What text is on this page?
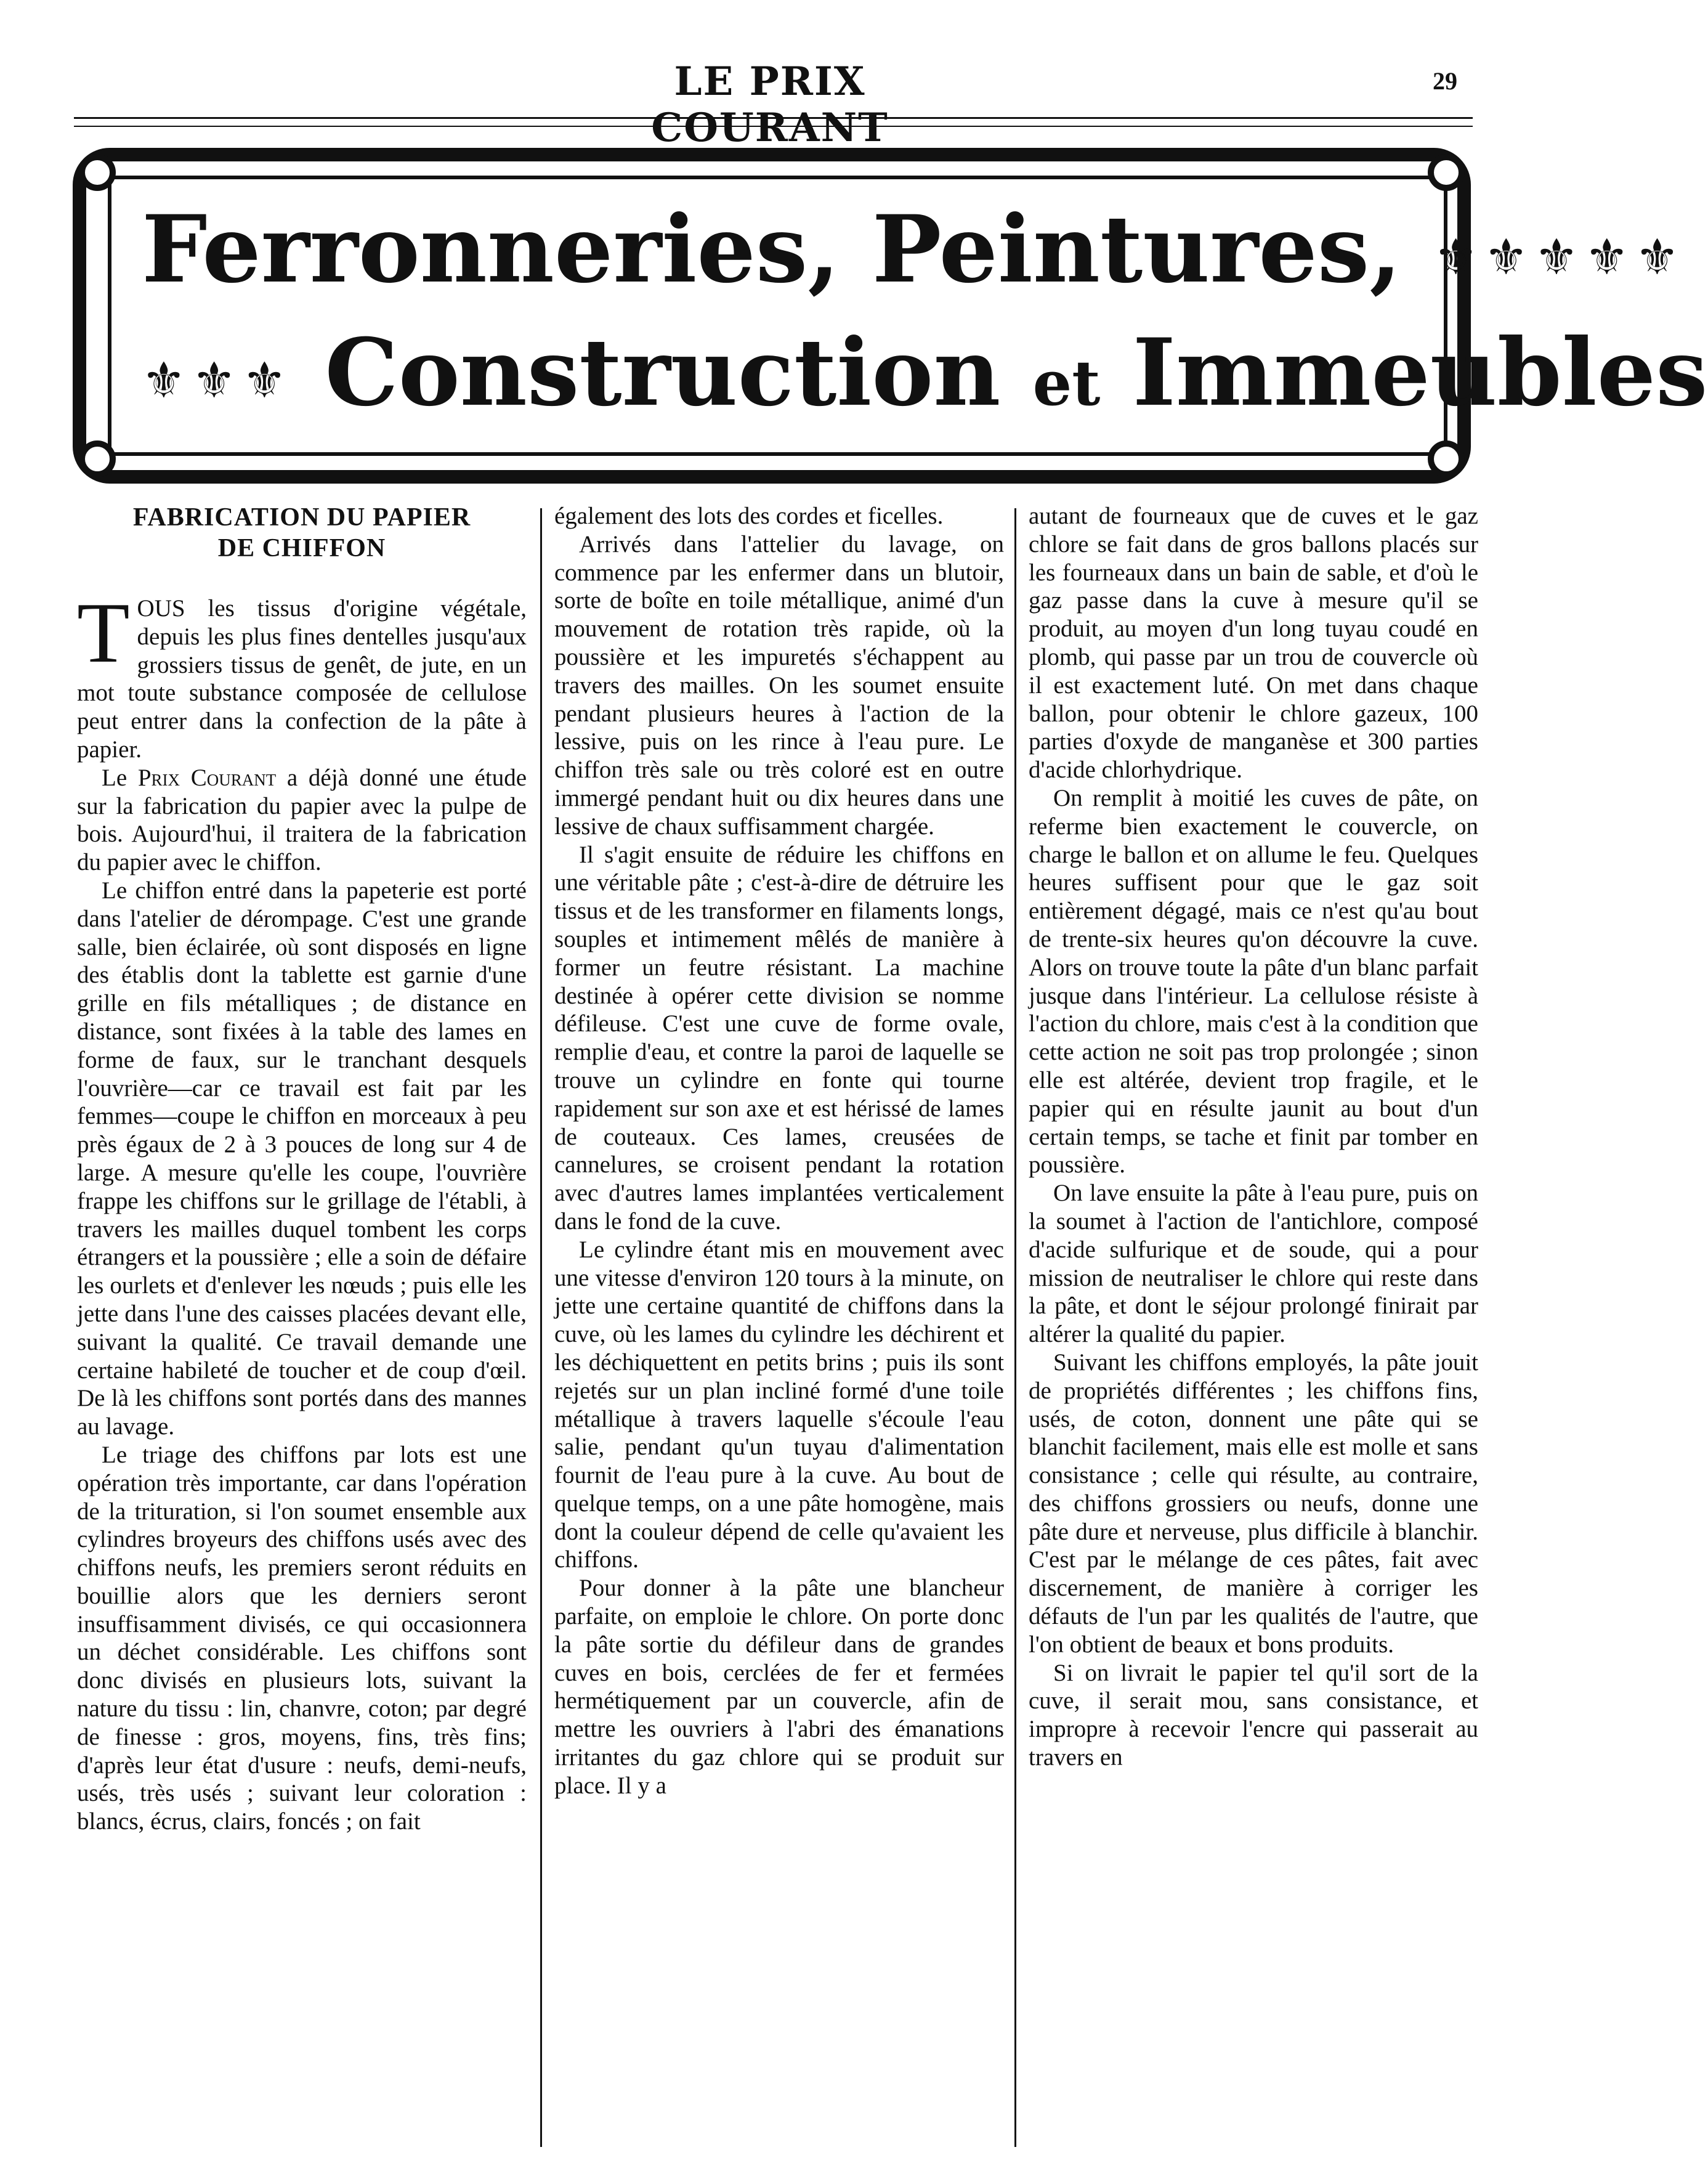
LE PRIX COURANT
29
Ferronneries, Peintures, ⚜⚜⚜⚜⚜
⚜⚜⚜ Construction et Immeubles
FABRICATION DU PAPIER
DE CHIFFON

TOUS les tissus d'origine végétale, depuis les plus fines dentelles jusqu'aux grossiers tissus de genêt, de jute, en un mot toute substance composée de cellulose peut entrer dans la confection de la pâte à papier.

Le Prix Courant a déjà donné une étude sur la fabrication du papier avec la pulpe de bois. Aujourd'hui, il traitera de la fabrication du papier avec le chiffon.

Le chiffon entré dans la papeterie est porté dans l'atelier de dérompage. C'est une grande salle, bien éclairée, où sont disposés en ligne des établis dont la tablette est garnie d'une grille en fils métalliques ; de distance en distance, sont fixées à la table des lames en forme de faux, sur le tranchant desquels l'ouvrière—car ce travail est fait par les femmes—coupe le chiffon en morceaux à peu près égaux de 2 à 3 pouces de long sur 4 de large. A mesure qu'elle les coupe, l'ouvrière frappe les chiffons sur le grillage de l'établi, à travers les mailles duquel tombent les corps étrangers et la poussière ; elle a soin de défaire les ourlets et d'enlever les nœuds ; puis elle les jette dans l'une des caisses placées devant elle, suivant la qualité. Ce travail demande une certaine habileté de toucher et de coup d'œil. De là les chiffons sont portés dans des mannes au lavage.

Le triage des chiffons par lots est une opération très importante, car dans l'opération de la trituration, si l'on soumet ensemble aux cylindres broyeurs des chiffons usés avec des chiffons neufs, les premiers seront réduits en bouillie alors que les derniers seront insuffisamment divisés, ce qui occasionnera un déchet considérable. Les chiffons sont donc divisés en plusieurs lots, suivant la nature du tissu : lin, chanvre, coton; par degré de finesse : gros, moyens, fins, très fins; d'après leur état d'usure : neufs, demi-neufs, usés, très usés ; suivant leur coloration : blancs, écrus, clairs, foncés ; on fait

également des lots des cordes et ficelles.

Arrivés dans l'attelier du lavage, on commence par les enfermer dans un blutoir, sorte de boîte en toile métallique, animé d'un mouvement de rotation très rapide, où la poussière et les impuretés s'échappent au travers des mailles. On les soumet ensuite pendant plusieurs heures à l'action de la lessive, puis on les rince à l'eau pure. Le chiffon très sale ou très coloré est en outre immergé pendant huit ou dix heures dans une lessive de chaux suffisamment chargée.

Il s'agit ensuite de réduire les chiffons en une véritable pâte ; c'est-à-dire de détruire les tissus et de les transformer en filaments longs, souples et intimement mêlés de manière à former un feutre résistant. La machine destinée à opérer cette division se nomme défileuse. C'est une cuve de forme ovale, remplie d'eau, et contre la paroi de laquelle se trouve un cylindre en fonte qui tourne rapidement sur son axe et est hérissé de lames de couteaux. Ces lames, creusées de cannelures, se croisent pendant la rotation avec d'autres lames implantées verticalement dans le fond de la cuve.

Le cylindre étant mis en mouvement avec une vitesse d'environ 120 tours à la minute, on jette une certaine quantité de chiffons dans la cuve, où les lames du cylindre les déchirent et les déchiquettent en petits brins ; puis ils sont rejetés sur un plan incliné formé d'une toile métallique à travers laquelle s'écoule l'eau salie, pendant qu'un tuyau d'alimentation fournit de l'eau pure à la cuve. Au bout de quelque temps, on a une pâte homogène, mais dont la couleur dépend de celle qu'avaient les chiffons.

Pour donner à la pâte une blancheur parfaite, on emploie le chlore. On porte donc la pâte sortie du défileur dans de grandes cuves en bois, cerclées de fer et fermées hermétiquement par un couvercle, afin de mettre les ouvriers à l'abri des émanations irritantes du gaz chlore qui se produit sur place. Il y a

autant de fourneaux que de cuves et le gaz chlore se fait dans de gros ballons placés sur les fourneaux dans un bain de sable, et d'où le gaz passe dans la cuve à mesure qu'il se produit, au moyen d'un long tuyau coudé en plomb, qui passe par un trou de couvercle où il est exactement luté. On met dans chaque ballon, pour obtenir le chlore gazeux, 100 parties d'oxyde de manganèse et 300 parties d'acide chlorhydrique.

On remplit à moitié les cuves de pâte, on referme bien exactement le couvercle, on charge le ballon et on allume le feu. Quelques heures suffisent pour que le gaz soit entièrement dégagé, mais ce n'est qu'au bout de trente-six heures qu'on découvre la cuve. Alors on trouve toute la pâte d'un blanc parfait jusque dans l'intérieur. La cellulose résiste à l'action du chlore, mais c'est à la condition que cette action ne soit pas trop prolongée ; sinon elle est altérée, devient trop fragile, et le papier qui en résulte jaunit au bout d'un certain temps, se tache et finit par tomber en poussière.

On lave ensuite la pâte à l'eau pure, puis on la soumet à l'action de l'antichlore, composé d'acide sulfurique et de soude, qui a pour mission de neutraliser le chlore qui reste dans la pâte, et dont le séjour prolongé finirait par altérer la qualité du papier.

Suivant les chiffons employés, la pâte jouit de propriétés différentes ; les chiffons fins, usés, de coton, donnent une pâte qui se blanchit facilement, mais elle est molle et sans consistance ; celle qui résulte, au contraire, des chiffons grossiers ou neufs, donne une pâte dure et nerveuse, plus difficile à blanchir. C'est par le mélange de ces pâtes, fait avec discernement, de manière à corriger les défauts de l'un par les qualités de l'autre, que l'on obtient de beaux et bons produits.

Si on livrait le papier tel qu'il sort de la cuve, il serait mou, sans consistance, et impropre à recevoir l'encre qui passerait au travers en
